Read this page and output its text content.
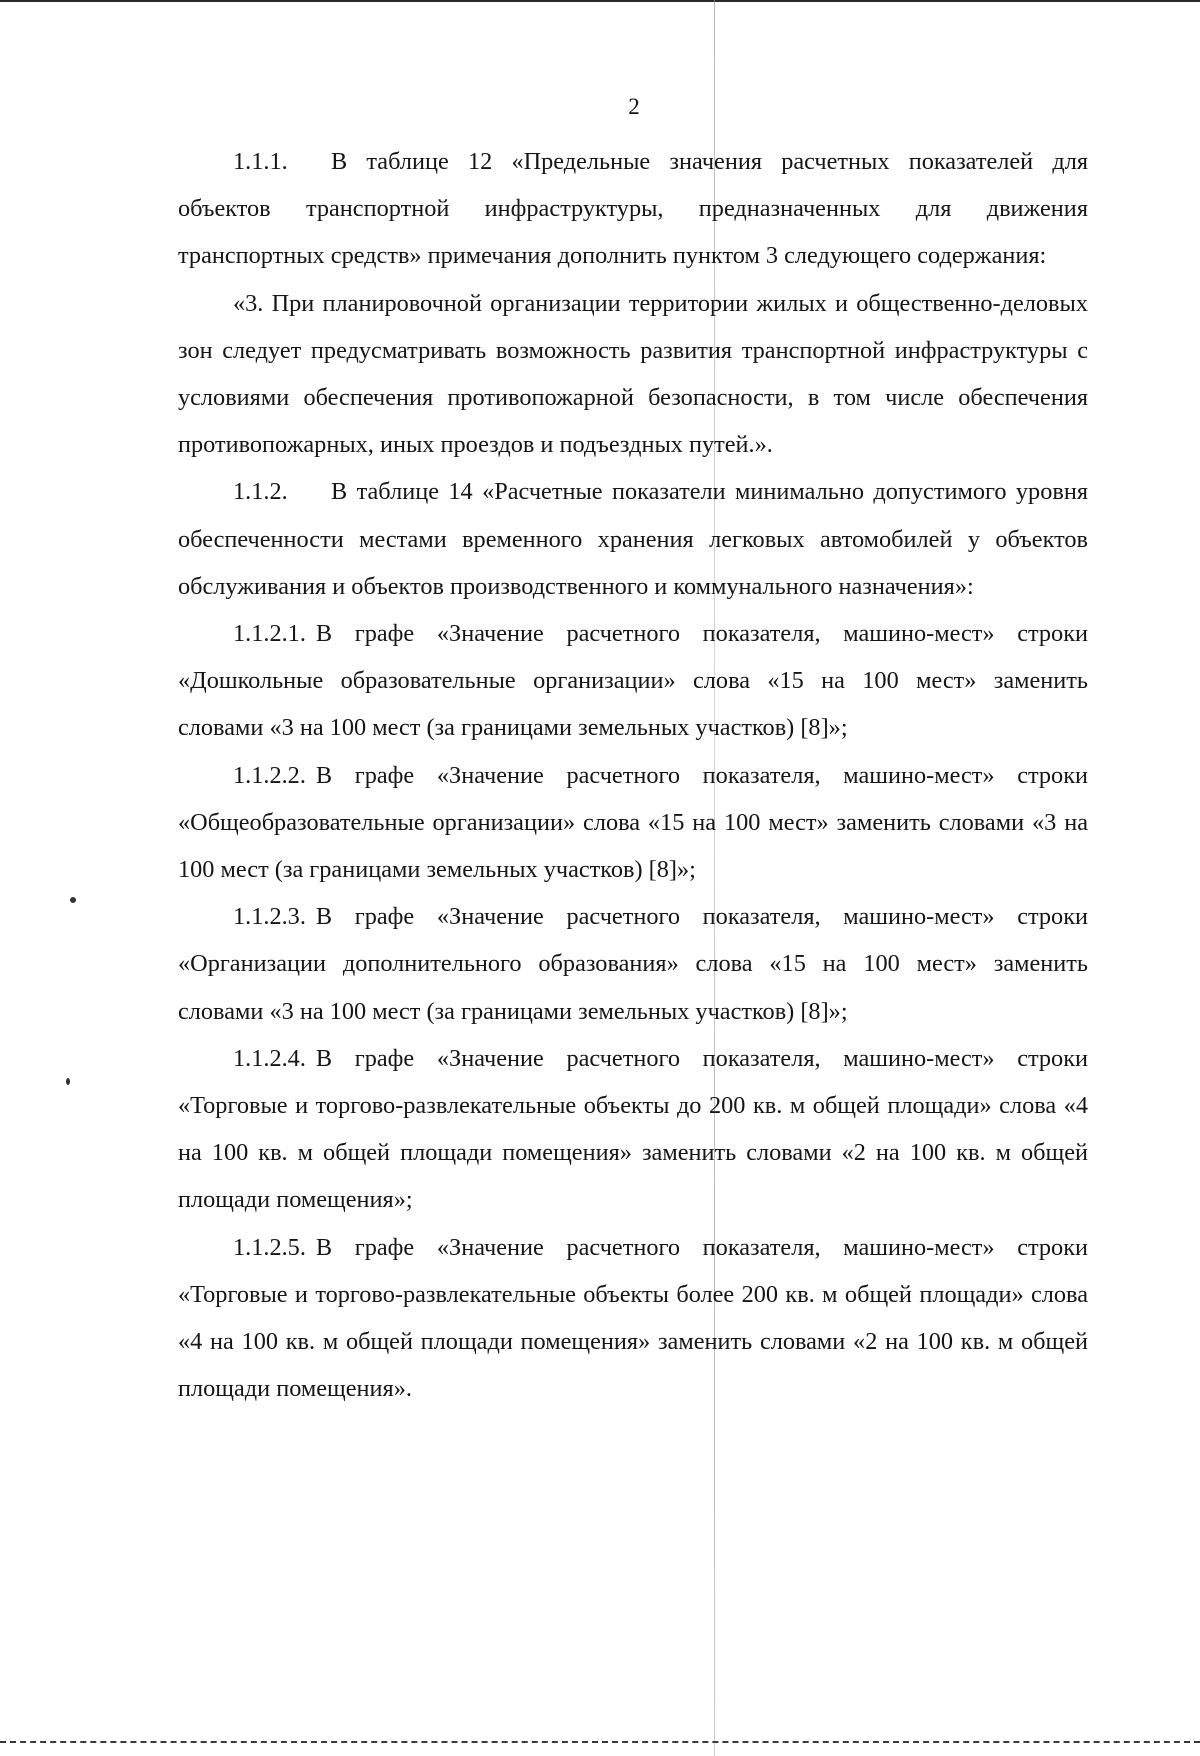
2

1.1.1. В таблице 12 «Предельные значения расчетных показателей для объектов транспортной инфраструктуры, предназначенных для движения транспортных средств» примечания дополнить пунктом 3 следующего содержания:

«3. При планировочной организации территории жилых и общественно-деловых зон следует предусматривать возможность развития транспортной инфраструктуры с условиями обеспечения противопожарной безопасности, в том числе обеспечения противопожарных, иных проездов и подъездных путей.».

1.1.2. В таблице 14 «Расчетные показатели минимально допустимого уровня обеспеченности местами временного хранения легковых автомобилей у объектов обслуживания и объектов производственного и коммунального назначения»:

1.1.2.1. В графе «Значение расчетного показателя, машино-мест» строки «Дошкольные образовательные организации» слова «15 на 100 мест» заменить словами «3 на 100 мест (за границами земельных участков) [8]»;

1.1.2.2. В графе «Значение расчетного показателя, машино-мест» строки «Общеобразовательные организации» слова «15 на 100 мест» заменить словами «3 на 100 мест (за границами земельных участков) [8]»;

1.1.2.3. В графе «Значение расчетного показателя, машино-мест» строки «Организации дополнительного образования» слова «15 на 100 мест» заменить словами «3 на 100 мест (за границами земельных участков) [8]»;

1.1.2.4. В графе «Значение расчетного показателя, машино-мест» строки «Торговые и торгово-развлекательные объекты до 200 кв. м общей площади» слова «4 на 100 кв. м общей площади помещения» заменить словами «2 на 100 кв. м общей площади помещения»;

1.1.2.5. В графе «Значение расчетного показателя, машино-мест» строки «Торговые и торгово-развлекательные объекты более 200 кв. м общей площади» слова «4 на 100 кв. м общей площади помещения» заменить словами «2 на 100 кв. м общей площади помещения».
